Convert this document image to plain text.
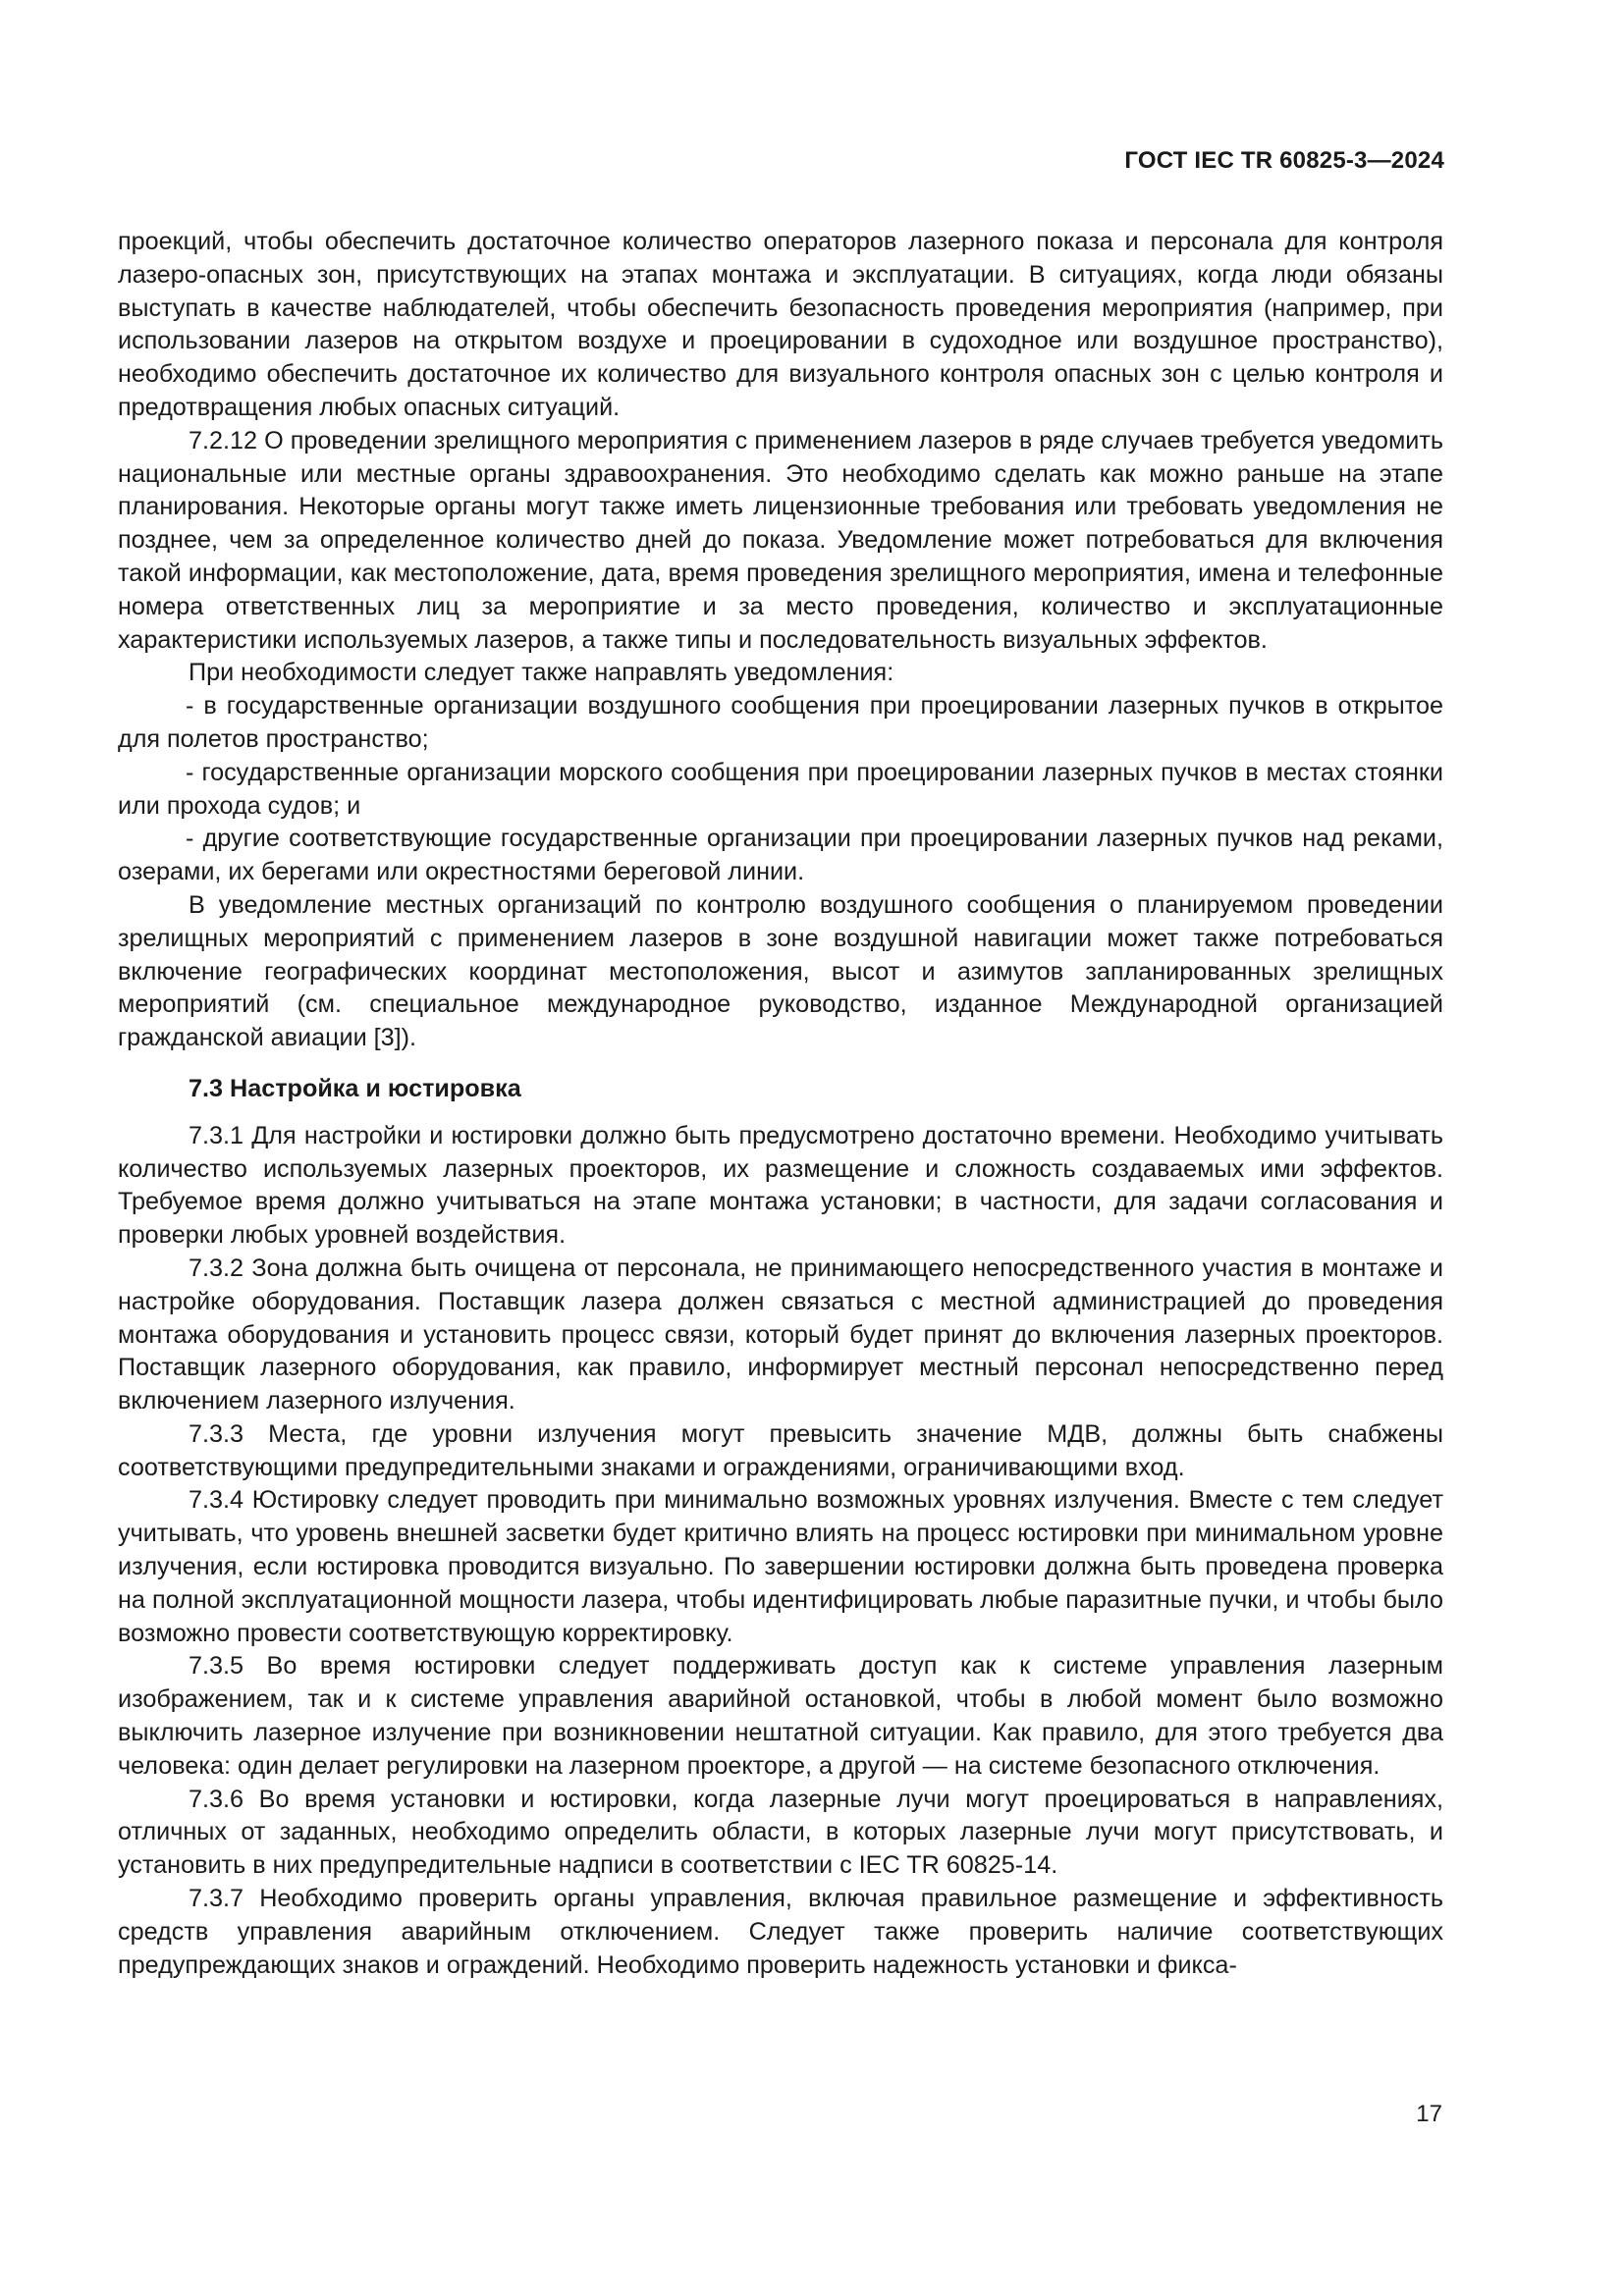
ГОСТ IEC TR 60825-3—2024

проекций, чтобы обеспечить достаточное количество операторов лазерного показа и персонала для контроля лазеро-опасных зон, присутствующих на этапах монтажа и эксплуатации. В ситуациях, когда люди обязаны выступать в качестве наблюдателей, чтобы обеспечить безопасность проведения мероприятия (например, при использовании лазеров на открытом воздухе и проецировании в судоходное или воздушное пространство), необходимо обеспечить достаточное их количество для визуального контроля опасных зон с целью контроля и предотвращения любых опасных ситуаций.

7.2.12 О проведении зрелищного мероприятия с применением лазеров в ряде случаев требуется уведомить национальные или местные органы здравоохранения. Это необходимо сделать как можно раньше на этапе планирования. Некоторые органы могут также иметь лицензионные требования или требовать уведомления не позднее, чем за определенное количество дней до показа. Уведомление может потребоваться для включения такой информации, как местоположение, дата, время проведения зрелищного мероприятия, имена и телефонные номера ответственных лиц за мероприятие и за место проведения, количество и эксплуатационные характеристики используемых лазеров, а также типы и последовательность визуальных эффектов.

При необходимости следует также направлять уведомления:

- в государственные организации воздушного сообщения при проецировании лазерных пучков в открытое для полетов пространство;

- государственные организации морского сообщения при проецировании лазерных пучков в местах стоянки или прохода судов; и

- другие соответствующие государственные организации при проецировании лазерных пучков над реками, озерами, их берегами или окрестностями береговой линии.

В уведомление местных организаций по контролю воздушного сообщения о планируемом проведении зрелищных мероприятий с применением лазеров в зоне воздушной навигации может также потребоваться включение географических координат местоположения, высот и азимутов запланированных зрелищных мероприятий (см. специальное международное руководство, изданное Международной организацией гражданской авиации [3]).

7.3 Настройка и юстировка

7.3.1 Для настройки и юстировки должно быть предусмотрено достаточно времени. Необходимо учитывать количество используемых лазерных проекторов, их размещение и сложность создаваемых ими эффектов. Требуемое время должно учитываться на этапе монтажа установки; в частности, для задачи согласования и проверки любых уровней воздействия.

7.3.2 Зона должна быть очищена от персонала, не принимающего непосредственного участия в монтаже и настройке оборудования. Поставщик лазера должен связаться с местной администрацией до проведения монтажа оборудования и установить процесс связи, который будет принят до включения лазерных проекторов. Поставщик лазерного оборудования, как правило, информирует местный персонал непосредственно перед включением лазерного излучения.

7.3.3 Места, где уровни излучения могут превысить значение МДВ, должны быть снабжены соответствующими предупредительными знаками и ограждениями, ограничивающими вход.

7.3.4 Юстировку следует проводить при минимально возможных уровнях излучения. Вместе с тем следует учитывать, что уровень внешней засветки будет критично влиять на процесс юстировки при минимальном уровне излучения, если юстировка проводится визуально. По завершении юстировки должна быть проведена проверка на полной эксплуатационной мощности лазера, чтобы идентифицировать любые паразитные пучки, и чтобы было возможно провести соответствующую корректировку.

7.3.5 Во время юстировки следует поддерживать доступ как к системе управления лазерным изображением, так и к системе управления аварийной остановкой, чтобы в любой момент было возможно выключить лазерное излучение при возникновении нештатной ситуации. Как правило, для этого требуется два человека: один делает регулировки на лазерном проекторе, а другой — на системе безопасного отключения.

7.3.6 Во время установки и юстировки, когда лазерные лучи могут проецироваться в направлениях, отличных от заданных, необходимо определить области, в которых лазерные лучи могут присутствовать, и установить в них предупредительные надписи в соответствии с IEC TR 60825-14.

7.3.7 Необходимо проверить органы управления, включая правильное размещение и эффективность средств управления аварийным отключением. Следует также проверить наличие соответствующих предупреждающих знаков и ограждений. Необходимо проверить надежность установки и фикса-

17
